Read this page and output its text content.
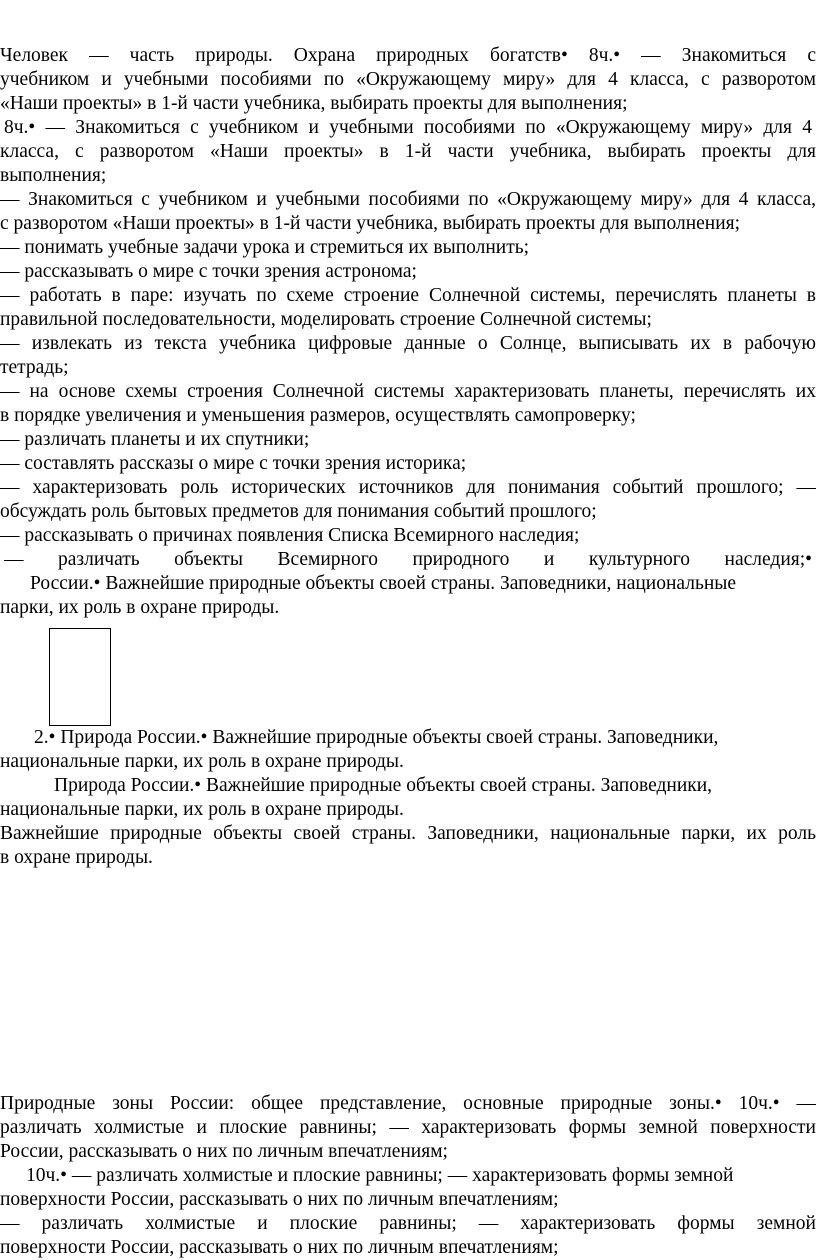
Человек — часть природы. Охрана природных богатств• 8ч.• — Знакомиться с
учебником и учебными пособиями по «Окружающему миру» для 4 класса, с разворотом
«Наши проекты» в 1-й части учебника, выбирать проекты для выполнения;
8ч.• — Знакомиться с учебником и учебными пособиями по «Окружающему миру» для 4
класса, с разворотом «Наши проекты» в 1-й части учебника, выбирать проекты для
выполнения;
— Знакомиться с учебником и учебными пособиями по «Окружающему миру» для 4 класса,
с разворотом «Наши проекты» в 1-й части учебника, выбирать проекты для выполнения;
— понимать учебные задачи урока и стремиться их выполнить;
— рассказывать о мире с точки зрения астронома;
— работать в паре: изучать по схеме строение Солнечной системы, перечислять планеты в
правильной последовательности, моделировать строение Солнечной системы;
— извлекать из текста учебника цифровые данные о Солнце, выписывать их в рабочую
тетрадь;
— на основе схемы строения Солнечной системы характеризовать планеты, перечислять их
в порядке увеличения и уменьшения размеров, осуществлять самопроверку;
— различать планеты и их спутники;
— составлять рассказы о мире с точки зрения историка;
— характеризовать роль исторических источников для понимания событий прошлого; —
обсуждать роль бытовых предметов для понимания событий прошлого;
— рассказывать о причинах появления Списка Всемирного наследия;
— различать объекты Всемирного природного и культурного наследия;•
России.• Важнейшие природные объекты своей страны. Заповедники, национальные
парки, их роль в охране природы.
2.• Природа России.• Важнейшие природные объекты своей страны. Заповедники,
национальные парки, их роль в охране природы.
Природа России.• Важнейшие природные объекты своей страны. Заповедники,
национальные парки, их роль в охране природы.
Важнейшие природные объекты своей страны. Заповедники, национальные парки, их роль
в охране природы.
Природные зоны России: общее представление, основные природные зоны.• 10ч.• —
различать холмистые и плоские равнины; — характеризовать формы земной поверхности
России, рассказывать о них по личным впечатлениям;
10ч.• — различать холмистые и плоские равнины; — характеризовать формы земной
поверхности России, рассказывать о них по личным впечатлениям;
— различать холмистые и плоские равнины; — характеризовать формы земной
поверхности России, рассказывать о них по личным впечатлениям;
